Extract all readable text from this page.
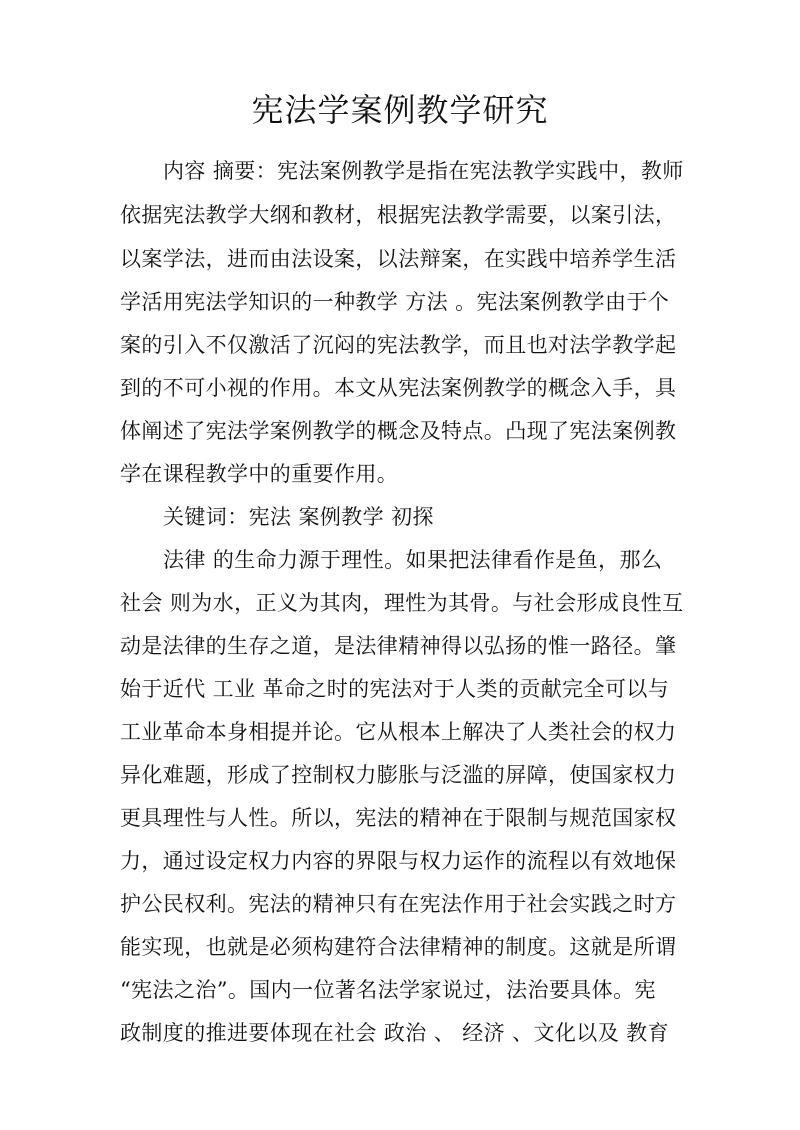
宪法学案例教学研究
内容 摘要：宪法案例教学是指在宪法教学实践中，教师
依据宪法教学大纲和教材，根据宪法教学需要，以案引法，
以案学法，进而由法设案，以法辩案，在实践中培养学生活
学活用宪法学知识的一种教学 方法 。宪法案例教学由于个
案的引入不仅激活了沉闷的宪法教学，而且也对法学教学起
到的不可小视的作用。本文从宪法案例教学的概念入手，具
体阐述了宪法学案例教学的概念及特点。凸现了宪法案例教
学在课程教学中的重要作用。
关键词：宪法 案例教学 初探
法律 的生命力源于理性。如果把法律看作是鱼，那么
社会 则为水，正义为其肉，理性为其骨。与社会形成良性互
动是法律的生存之道，是法律精神得以弘扬的惟一路径。肇
始于近代 工业 革命之时的宪法对于人类的贡献完全可以与
工业革命本身相提并论。它从根本上解决了人类社会的权力
异化难题，形成了控制权力膨胀与泛滥的屏障，使国家权力
更具理性与人性。所以，宪法的精神在于限制与规范国家权
力，通过设定权力内容的界限与权力运作的流程以有效地保
护公民权利。宪法的精神只有在宪法作用于社会实践之时方
能实现，也就是必须构建符合法律精神的制度。这就是所谓
“宪法之治”。国内一位著名法学家说过，法治要具体。宪
政制度的推进要体现在社会 政治 、 经济 、文化以及 教育
